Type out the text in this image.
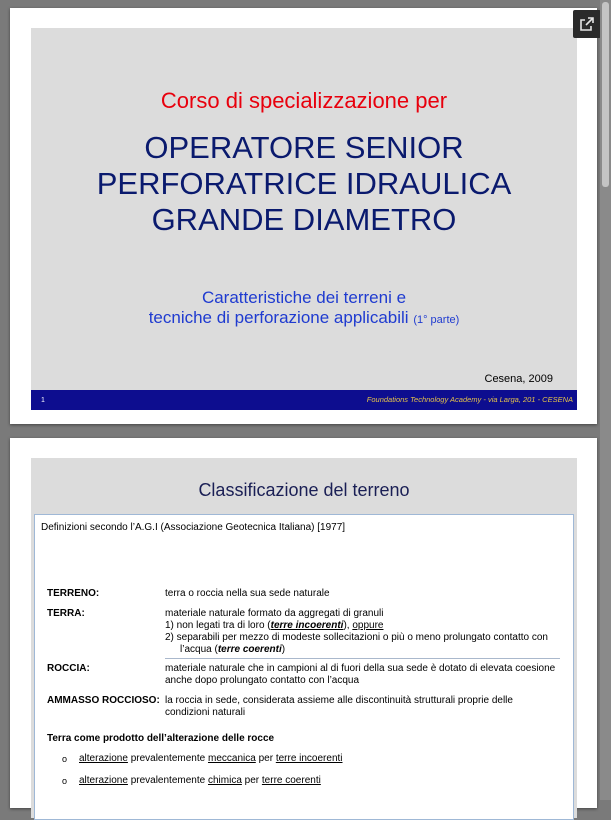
Corso di specializzazione per
OPERATORE SENIOR
PERFORATRICE IDRAULICA
GRANDE DIAMETRO
Caratteristiche dei terreni e
tecniche di perforazione applicabili (1° parte)
Cesena, 2009
1	Foundations Technology Academy - via Larga, 201 - CESENA
Classificazione del terreno
Definizioni secondo l’A.G.I (Associazione Geotecnica Italiana) [1977]
TERRENO:	terra o roccia nella sua sede naturale
TERRA:	materiale naturale formato da aggregati di granuli
1) non legati tra di loro (terre incoerenti), oppure
2) separabili per mezzo di modeste sollecitazioni o più o meno prolungato contatto con
l’acqua (terre coerenti)
ROCCIA:	materiale naturale che in campioni al di fuori della sua sede è dotato di elevata coesione
anche dopo prolungato contatto con l’acqua
AMMASSO ROCCIOSO: la roccia in sede, considerata assieme alle discontinuità strutturali proprie delle
condizioni naturali
Terra come prodotto dell’alterazione delle rocce
o alterazione prevalentemente meccanica per terre incoerenti
o alterazione prevalentemente chimica per terre coerenti
